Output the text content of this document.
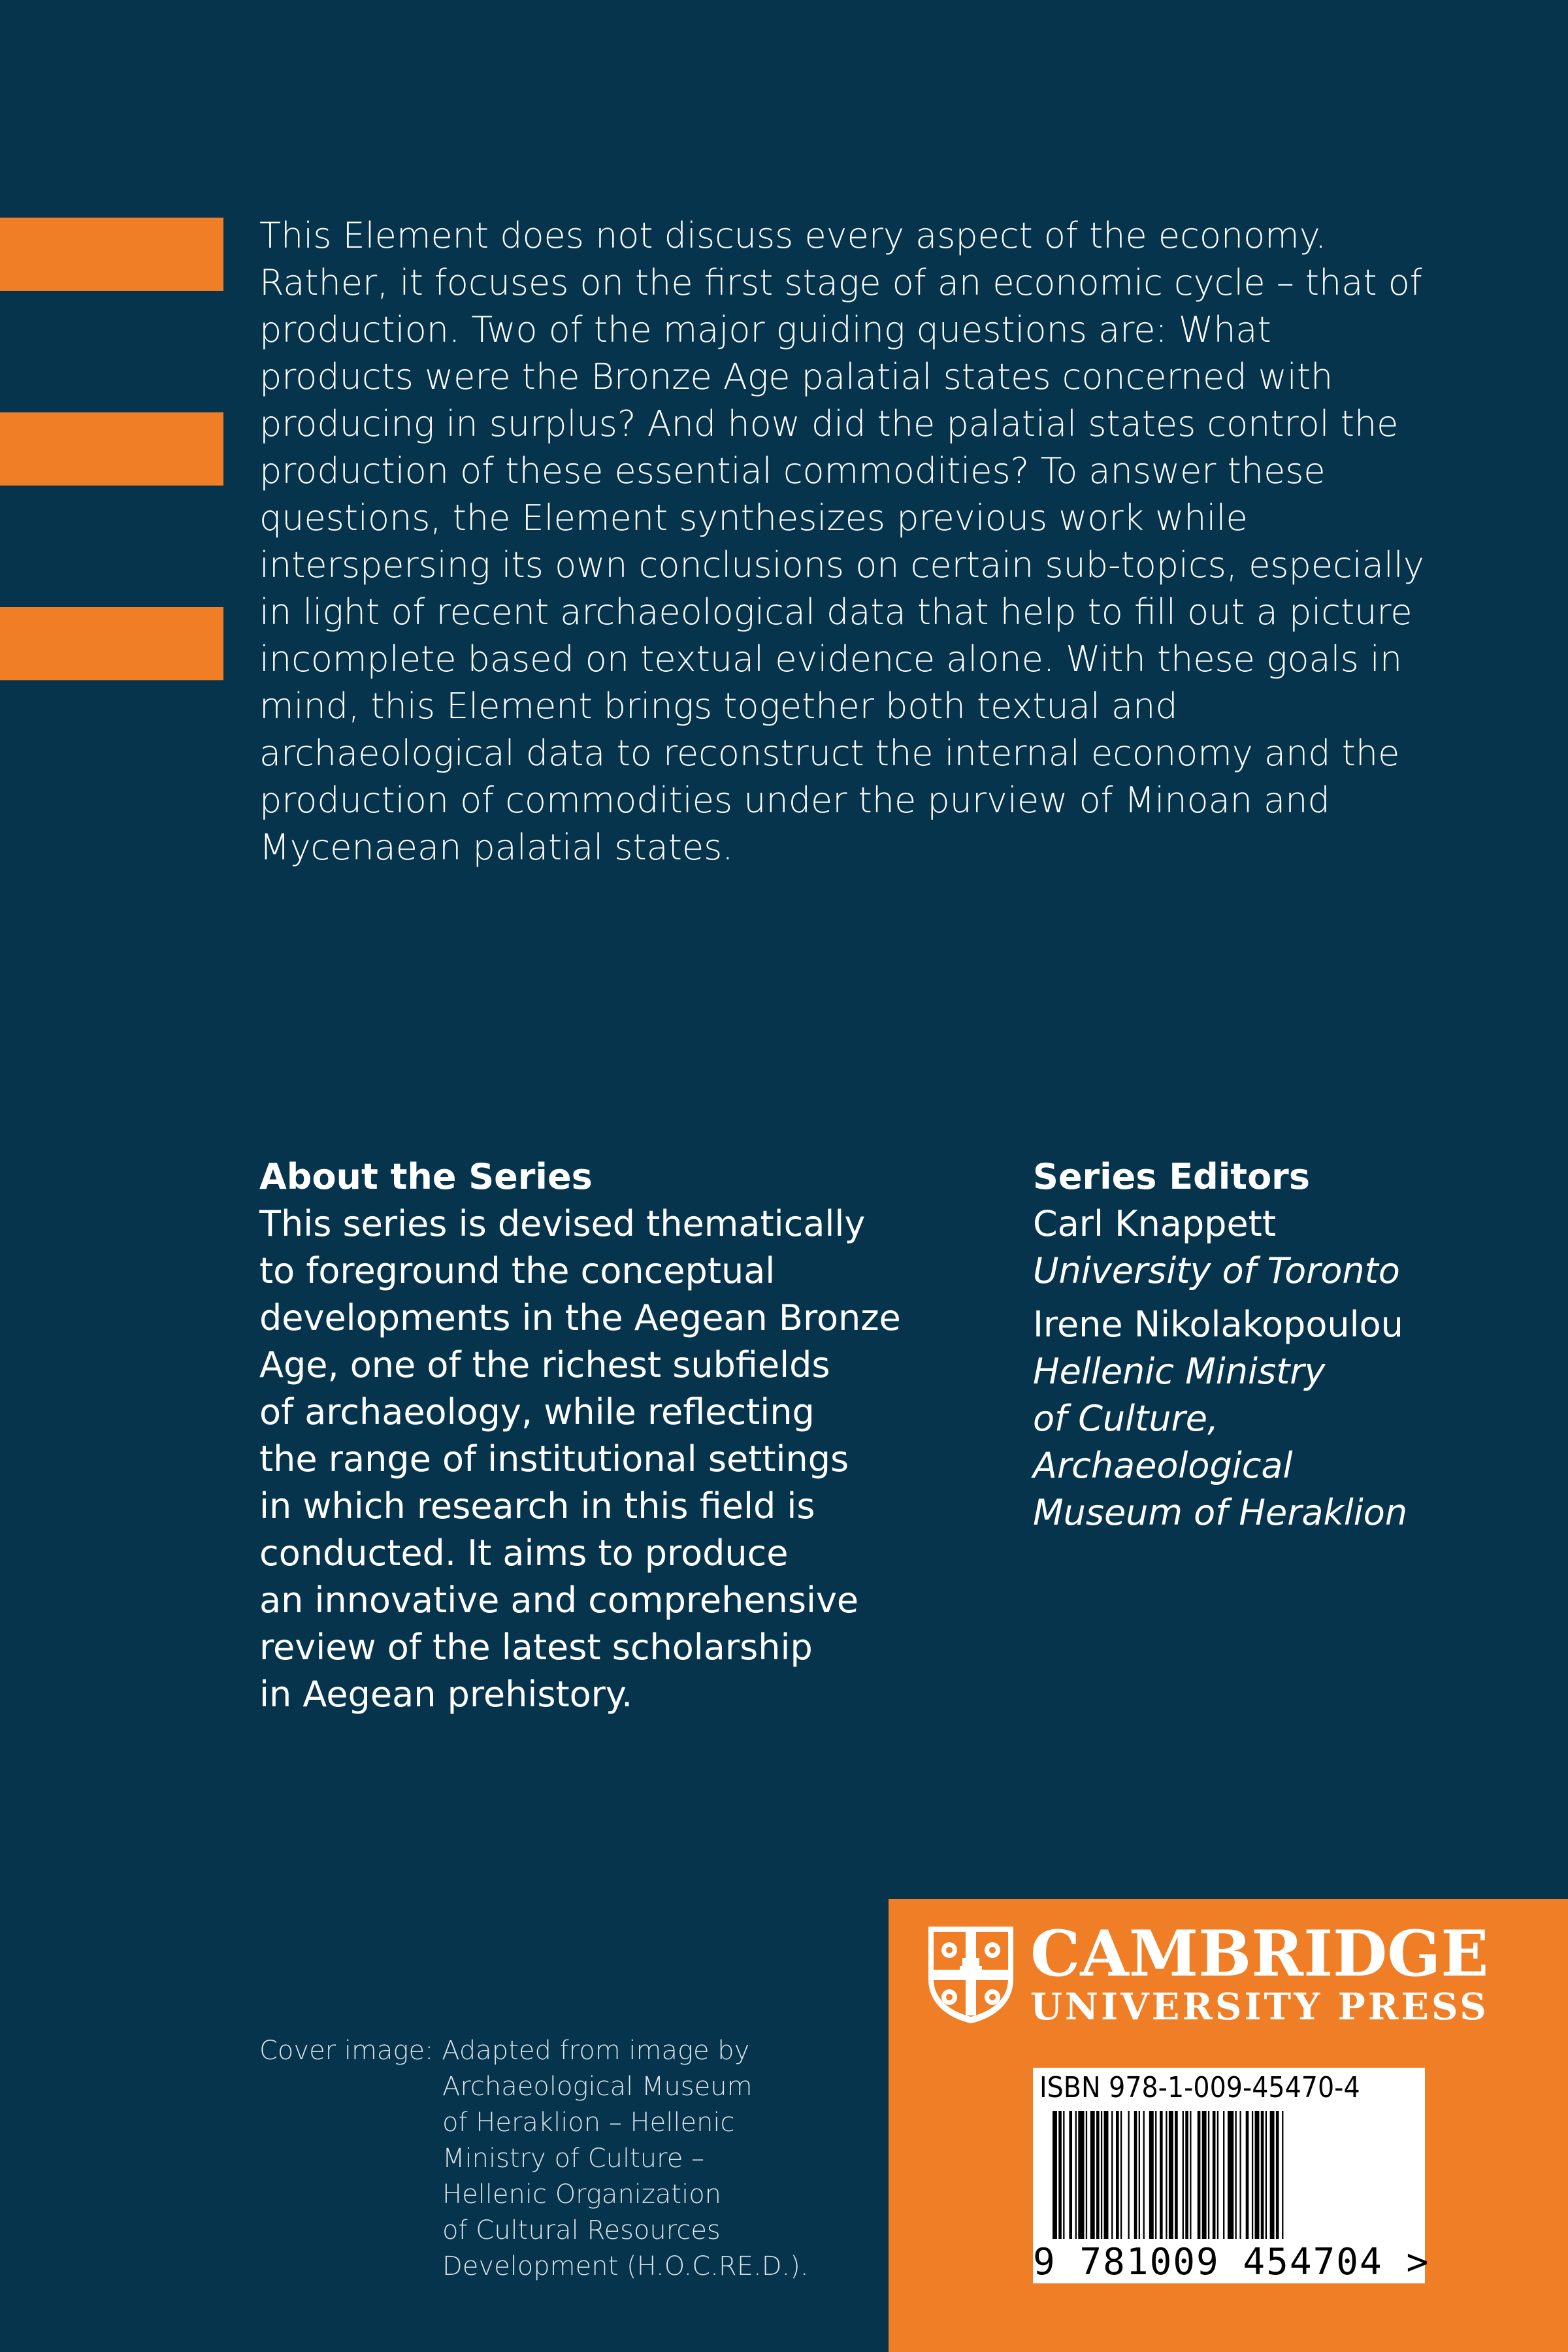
This Element does not discuss every aspect of the economy. Rather, it focuses on the first stage of an economic cycle – that of production. Two of the major guiding questions are: What products were the Bronze Age palatial states concerned with producing in surplus? And how did the palatial states control the production of these essential commodities? To answer these questions, the Element synthesizes previous work while interspersing its own conclusions on certain sub-topics, especially in light of recent archaeological data that help to fill out a picture incomplete based on textual evidence alone. With these goals in mind, this Element brings together both textual and archaeological data to reconstruct the internal economy and the production of commodities under the purview of Minoan and Mycenaean palatial states.

About the Series
This series is devised thematically
to foreground the conceptual
developments in the Aegean Bronze
Age, one of the richest subfields
of archaeology, while reflecting
the range of institutional settings
in which research in this field is
conducted. It aims to produce
an innovative and comprehensive
review of the latest scholarship
in Aegean prehistory.
Series Editors
Carl Knappett
University of Toronto
Irene Nikolakopoulou
Hellenic Ministry
of Culture,
Archaeological
Museum of Heraklion
Cover image: Adapted from image by
Archaeological Museum
of Heraklion – Hellenic
Ministry of Culture –
Hellenic Organization
of Cultural Resources
Development (H.O.C.RE.D.).
CAMBRIDGE
UNIVERSITY PRESS
ISBN 978-1-009-45470-4
9 781009 454704 >
